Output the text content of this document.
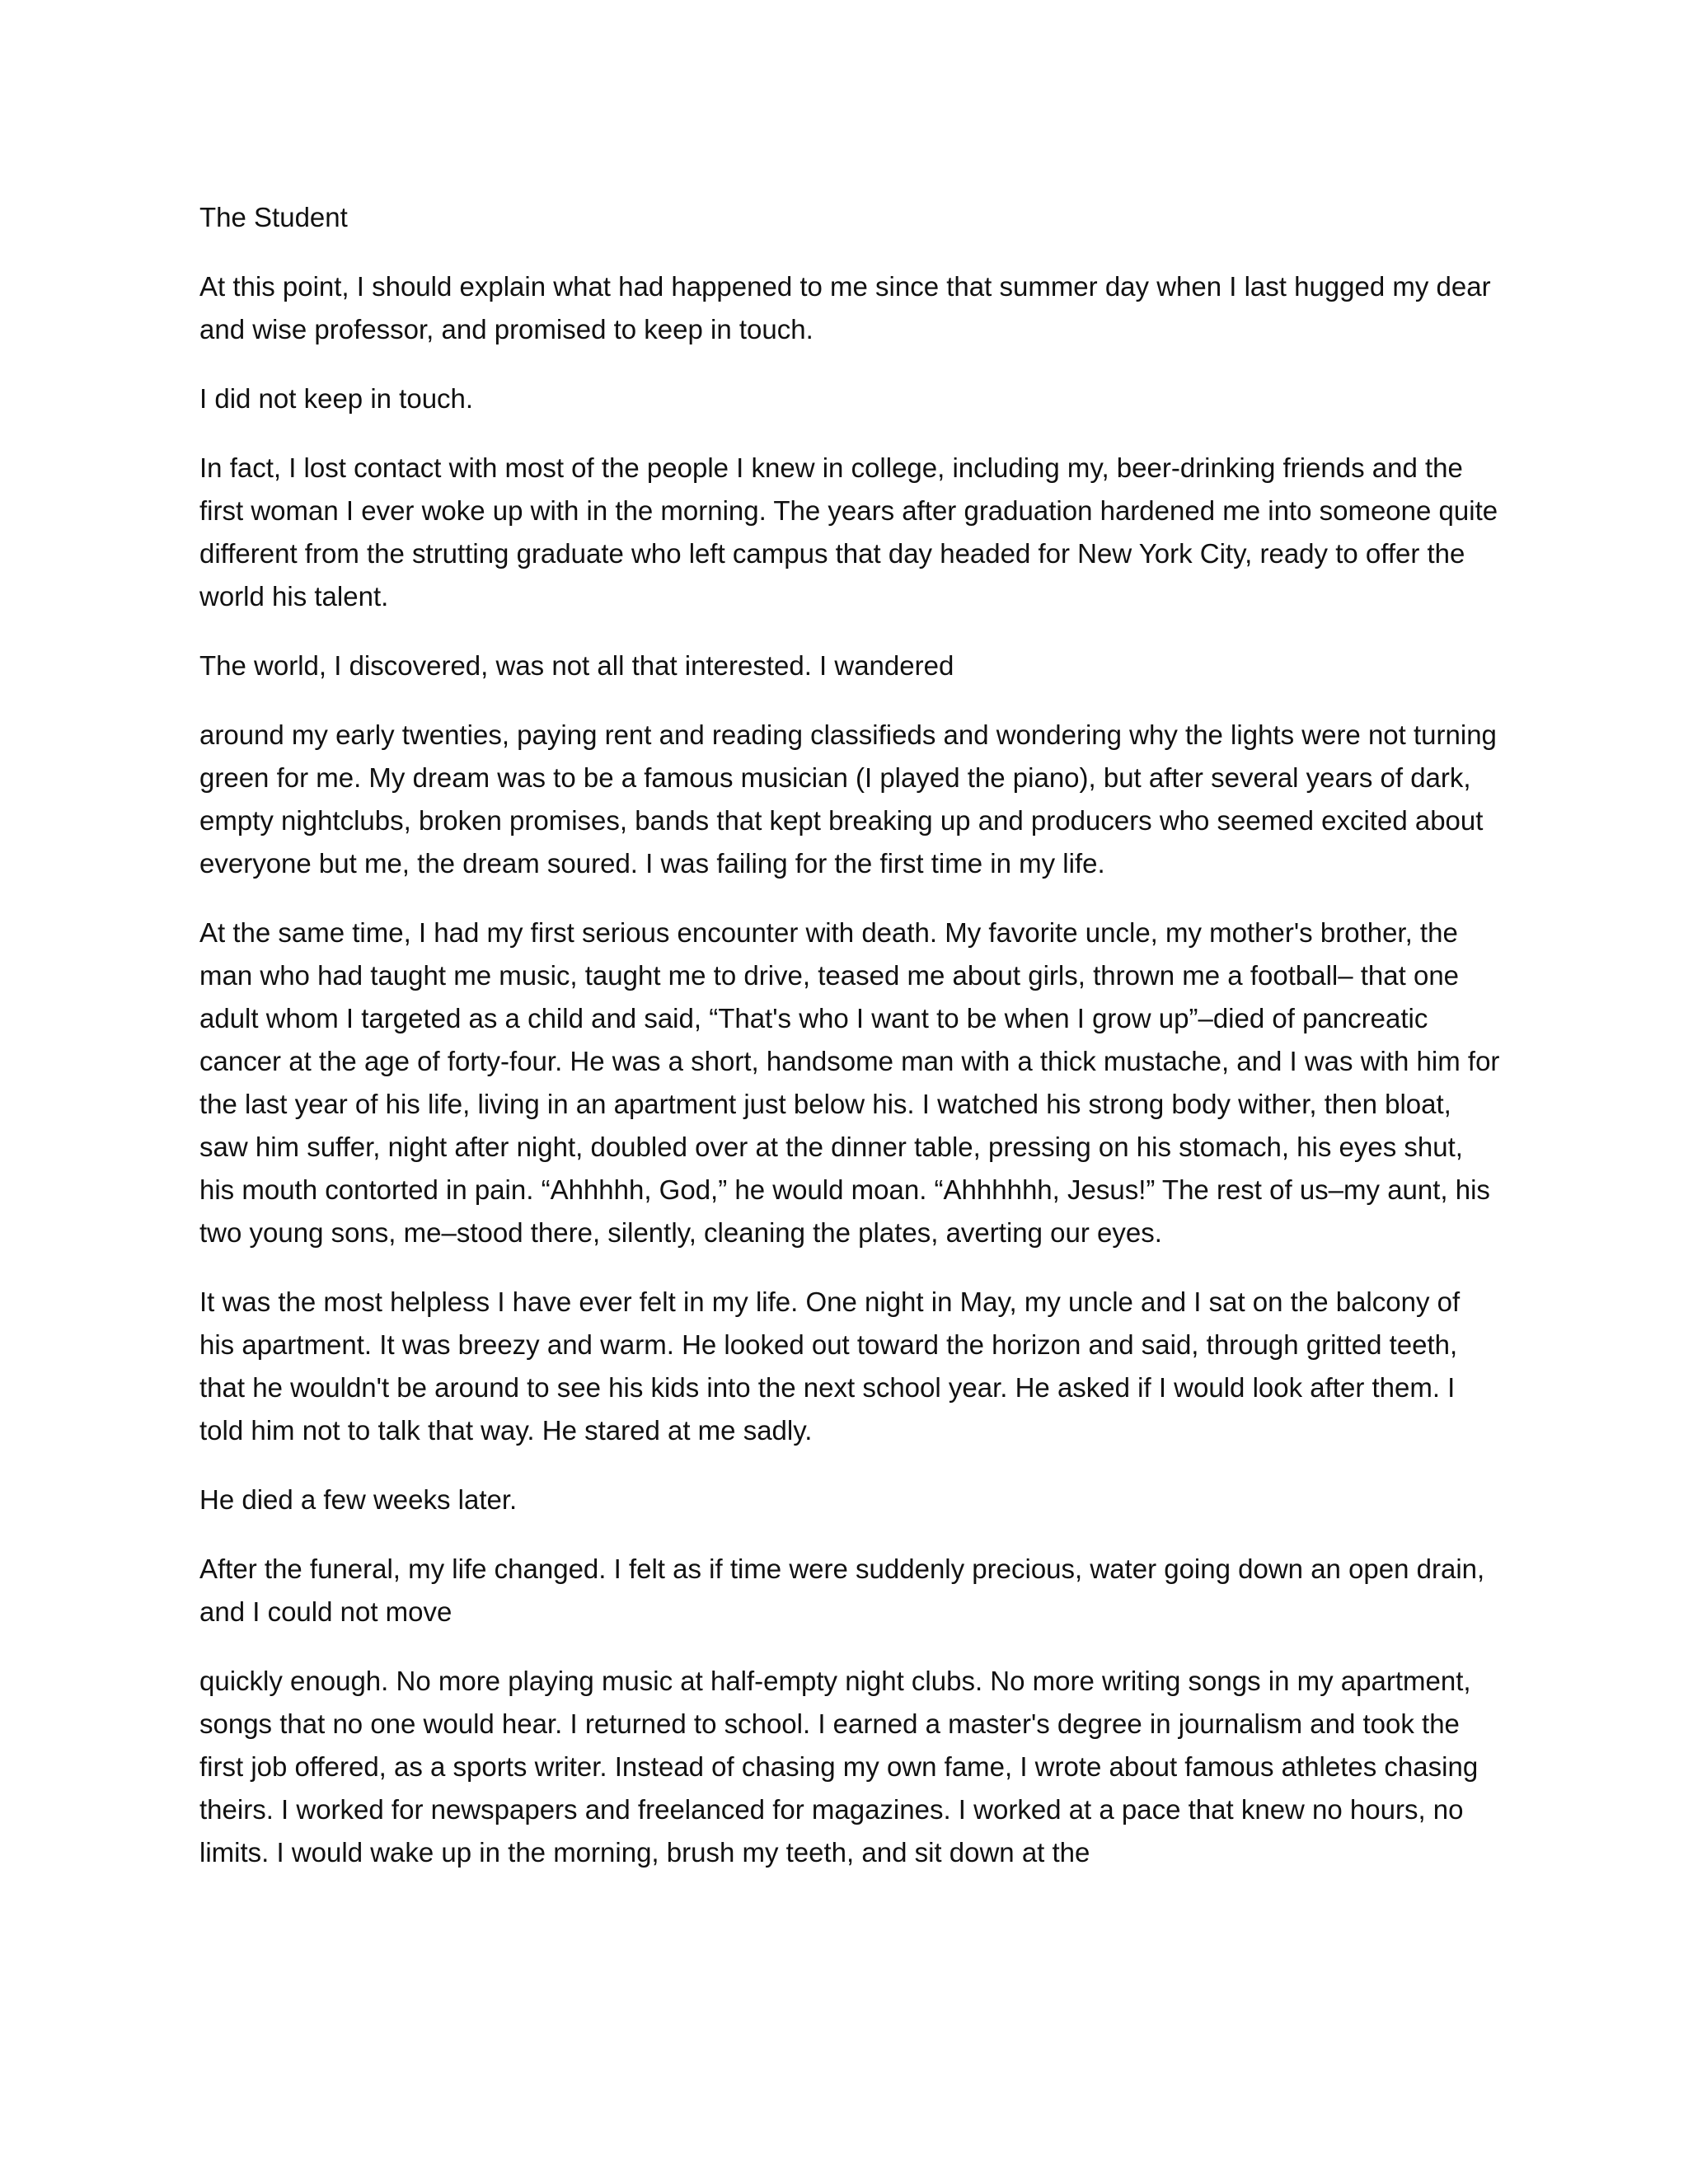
The Student

At this point, I should explain what had happened to me since that summer day when I last hugged my dear and wise professor, and promised to keep in touch.

I did not keep in touch.

In fact, I lost contact with most of the people I knew in college, including my, beer-drinking friends and the first woman I ever woke up with in the morning. The years after graduation hardened me into someone quite different from the strutting graduate who left campus that day headed for New York City, ready to offer the world his talent.

The world, I discovered, was not all that interested. I wandered

around my early twenties, paying rent and reading classifieds and wondering why the lights were not turning green for me. My dream was to be a famous musician (I played the piano), but after several years of dark, empty nightclubs, broken promises, bands that kept breaking up and producers who seemed excited about everyone but me, the dream soured. I was failing for the first time in my life.

At the same time, I had my first serious encounter with death. My favorite uncle, my mother's brother, the man who had taught me music, taught me to drive, teased me about girls, thrown me a football– that one adult whom I targeted as a child and said, “That's who I want to be when I grow up”–died of pancreatic cancer at the age of forty-four. He was a short, handsome man with a thick mustache, and I was with him for the last year of his life, living in an apartment just below his. I watched his strong body wither, then bloat, saw him suffer, night after night, doubled over at the dinner table, pressing on his stomach, his eyes shut, his mouth contorted in pain. “Ahhhhh, God,” he would moan. “Ahhhhhh, Jesus!” The rest of us–my aunt, his two young sons, me–stood there, silently, cleaning the plates, averting our eyes.

It was the most helpless I have ever felt in my life. One night in May, my uncle and I sat on the balcony of his apartment. It was breezy and warm. He looked out toward the horizon and said, through gritted teeth, that he wouldn't be around to see his kids into the next school year. He asked if I would look after them. I told him not to talk that way. He stared at me sadly.

He died a few weeks later.

After the funeral, my life changed. I felt as if time were suddenly precious, water going down an open drain, and I could not move

quickly enough. No more playing music at half-empty night clubs. No more writing songs in my apartment, songs that no one would hear. I returned to school. I earned a master's degree in journalism and took the first job offered, as a sports writer. Instead of chasing my own fame, I wrote about famous athletes chasing theirs. I worked for newspapers and freelanced for magazines. I worked at a pace that knew no hours, no limits. I would wake up in the morning, brush my teeth, and sit down at the
